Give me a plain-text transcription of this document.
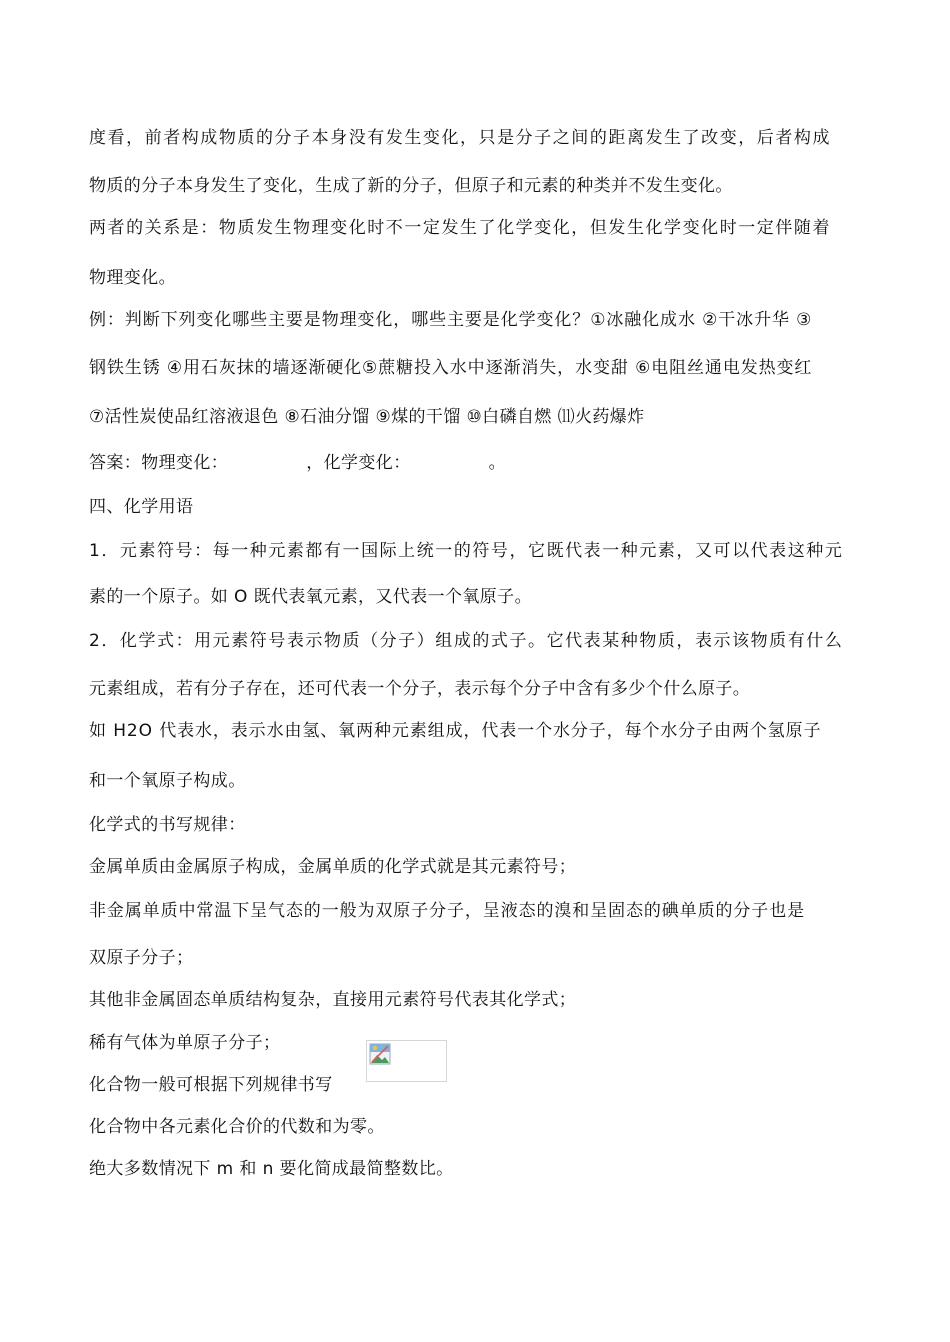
度看，前者构成物质的分子本身没有发生变化，只是分子之间的距离发生了改变，后者构成
物质的分子本身发生了变化，生成了新的分子，但原子和元素的种类并不发生变化。
两者的关系是：物质发生物理变化时不一定发生了化学变化，但发生化学变化时一定伴随着
物理变化。
例：判断下列变化哪些主要是物理变化，哪些主要是化学变化？①冰融化成水 ②干冰升华 ③
钢铁生锈 ④用石灰抹的墙逐渐硬化⑤蔗糖投入水中逐渐消失，水变甜 ⑥电阻丝通电发热变红
⑦活性炭使品红溶液退色 ⑧石油分馏 ⑨煤的干馏 ⑩白磷自燃 ⑾火药爆炸
答案：物理变化：	，化学变化：	。
四、化学用语
1．元素符号：每一种元素都有一国际上统一的符号，它既代表一种元素，又可以代表这种元
素的一个原子。如 O 既代表氧元素，又代表一个氧原子。
2．化学式：用元素符号表示物质（分子）组成的式子。它代表某种物质，表示该物质有什么
元素组成，若有分子存在，还可代表一个分子，表示每个分子中含有多少个什么原子。
如 H2O 代表水，表示水由氢、氧两种元素组成，代表一个水分子，每个水分子由两个氢原子
和一个氧原子构成。
化学式的书写规律：
金属单质由金属原子构成，金属单质的化学式就是其元素符号；
非金属单质中常温下呈气态的一般为双原子分子，呈液态的溴和呈固态的碘单质的分子也是
双原子分子；
其他非金属固态单质结构复杂，直接用元素符号代表其化学式；
稀有气体为单原子分子；
化合物一般可根据下列规律书写
化合物中各元素化合价的代数和为零。
绝大多数情况下 m 和 n 要化简成最简整数比。
